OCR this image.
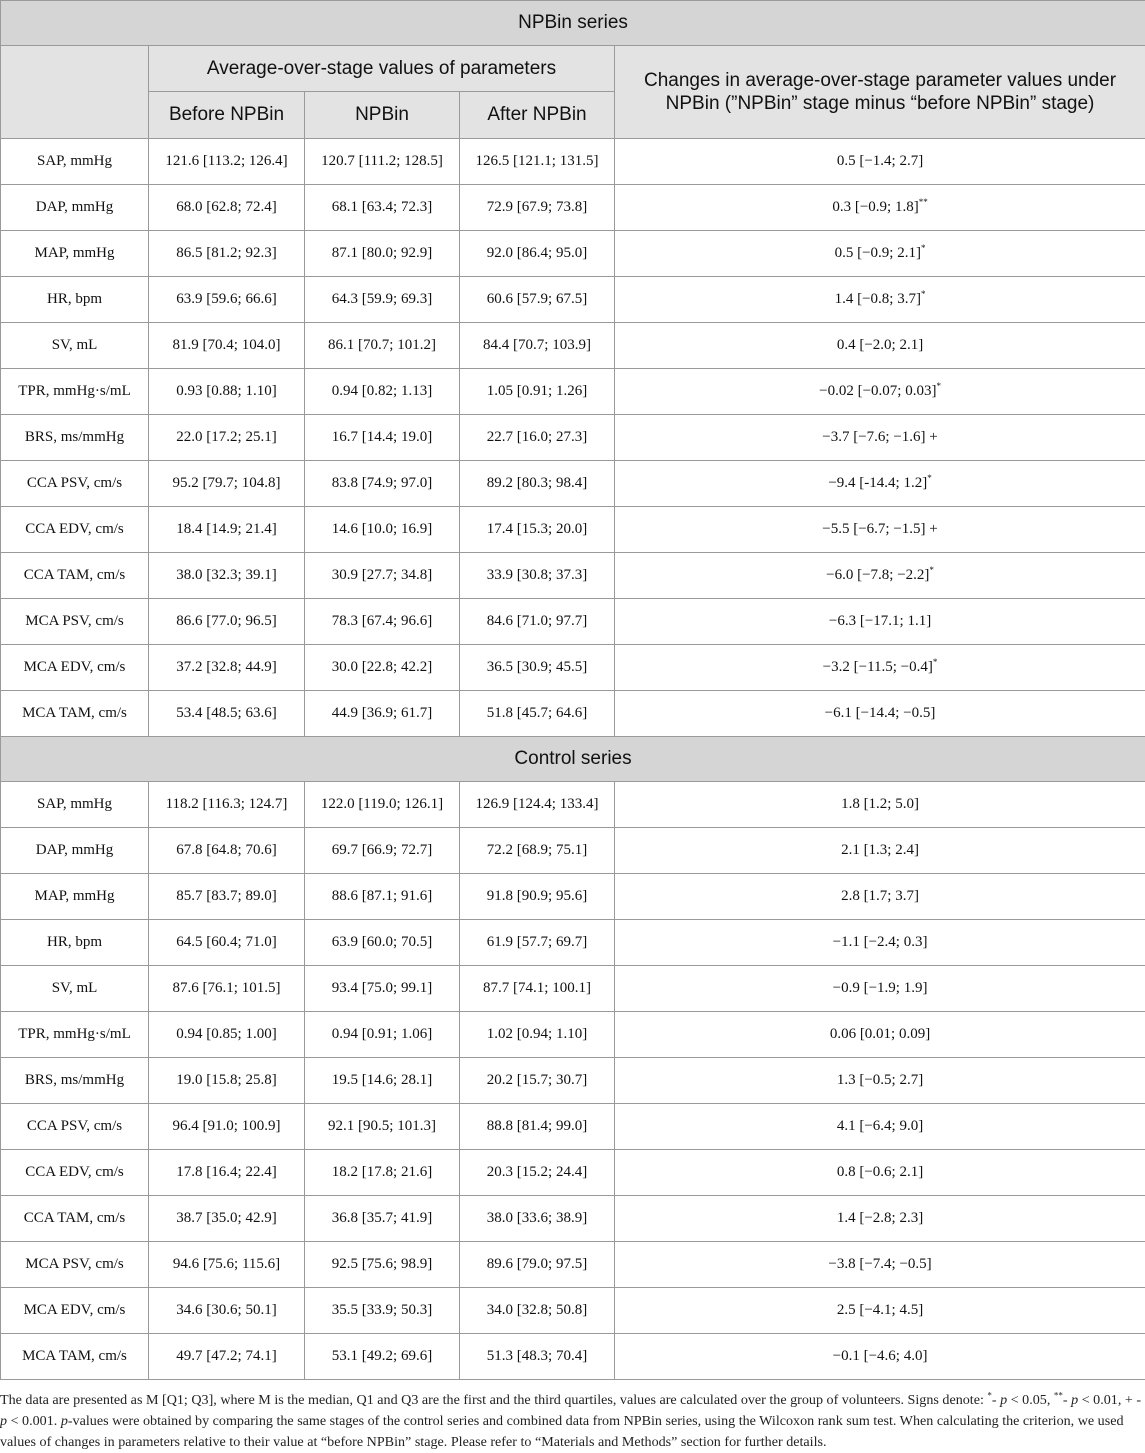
NPBin series				
	Average-over-stage values of parameters			Changes in average-over-stage parameter values under NPBin (”NPBin” stage minus “before NPBin” stage)
	Before NPBin	NPBin	After NPBin	
SAP, mmHg	121.6 [113.2; 126.4]	120.7 [111.2; 128.5]	126.5 [121.1; 131.5]	0.5 [−1.4; 2.7]
DAP, mmHg	68.0 [62.8; 72.4]	68.1 [63.4; 72.3]	72.9 [67.9; 73.8]	0.3 [−0.9; 1.8]**
MAP, mmHg	86.5 [81.2; 92.3]	87.1 [80.0; 92.9]	92.0 [86.4; 95.0]	0.5 [−0.9; 2.1]*
HR, bpm	63.9 [59.6; 66.6]	64.3 [59.9; 69.3]	60.6 [57.9; 67.5]	1.4 [−0.8; 3.7]*
SV, mL	81.9 [70.4; 104.0]	86.1 [70.7; 101.2]	84.4 [70.7; 103.9]	0.4 [−2.0; 2.1]
TPR, mmHg·s/mL	0.93 [0.88; 1.10]	0.94 [0.82; 1.13]	1.05 [0.91; 1.26]	−0.02 [−0.07; 0.03]*
BRS, ms/mmHg	22.0 [17.2; 25.1]	16.7 [14.4; 19.0]	22.7 [16.0; 27.3]	−3.7 [−7.6; −1.6] +
CCA PSV, cm/s	95.2 [79.7; 104.8]	83.8 [74.9; 97.0]	89.2 [80.3; 98.4]	−9.4 [-14.4; 1.2]*
CCA EDV, cm/s	18.4 [14.9; 21.4]	14.6 [10.0; 16.9]	17.4 [15.3; 20.0]	−5.5 [−6.7; −1.5] +
CCA TAM, cm/s	38.0 [32.3; 39.1]	30.9 [27.7; 34.8]	33.9 [30.8; 37.3]	−6.0 [−7.8; −2.2]*
MCA PSV, cm/s	86.6 [77.0; 96.5]	78.3 [67.4; 96.6]	84.6 [71.0; 97.7]	−6.3 [−17.1; 1.1]
MCA EDV, cm/s	37.2 [32.8; 44.9]	30.0 [22.8; 42.2]	36.5 [30.9; 45.5]	−3.2 [−11.5; −0.4]*
MCA TAM, cm/s	53.4 [48.5; 63.6]	44.9 [36.9; 61.7]	51.8 [45.7; 64.6]	−6.1 [−14.4; −0.5]
Control series				
SAP, mmHg	118.2 [116.3; 124.7]	122.0 [119.0; 126.1]	126.9 [124.4; 133.4]	1.8 [1.2; 5.0]
DAP, mmHg	67.8 [64.8; 70.6]	69.7 [66.9; 72.7]	72.2 [68.9; 75.1]	2.1 [1.3; 2.4]
MAP, mmHg	85.7 [83.7; 89.0]	88.6 [87.1; 91.6]	91.8 [90.9; 95.6]	2.8 [1.7; 3.7]
HR, bpm	64.5 [60.4; 71.0]	63.9 [60.0; 70.5]	61.9 [57.7; 69.7]	−1.1 [−2.4; 0.3]
SV, mL	87.6 [76.1; 101.5]	93.4 [75.0; 99.1]	87.7 [74.1; 100.1]	−0.9 [−1.9; 1.9]
TPR, mmHg·s/mL	0.94 [0.85; 1.00]	0.94 [0.91; 1.06]	1.02 [0.94; 1.10]	0.06 [0.01; 0.09]
BRS, ms/mmHg	19.0 [15.8; 25.8]	19.5 [14.6; 28.1]	20.2 [15.7; 30.7]	1.3 [−0.5; 2.7]
CCA PSV, cm/s	96.4 [91.0; 100.9]	92.1 [90.5; 101.3]	88.8 [81.4; 99.0]	4.1 [−6.4; 9.0]
CCA EDV, cm/s	17.8 [16.4; 22.4]	18.2 [17.8; 21.6]	20.3 [15.2; 24.4]	0.8 [−0.6; 2.1]
CCA TAM, cm/s	38.7 [35.0; 42.9]	36.8 [35.7; 41.9]	38.0 [33.6; 38.9]	1.4 [−2.8; 2.3]
MCA PSV, cm/s	94.6 [75.6; 115.6]	92.5 [75.6; 98.9]	89.6 [79.0; 97.5]	−3.8 [−7.4; −0.5]
MCA EDV, cm/s	34.6 [30.6; 50.1]	35.5 [33.9; 50.3]	34.0 [32.8; 50.8]	2.5 [−4.1; 4.5]
MCA TAM, cm/s	49.7 [47.2; 74.1]	53.1 [49.2; 69.6]	51.3 [48.3; 70.4]	−0.1 [−4.6; 4.0]

The data are presented as M [Q1; Q3], where M is the median, Q1 and Q3 are the first and the third quartiles, values are calculated over the group of volunteers. Signs denote: *- p < 0.05, **- p < 0.01, + - p < 0.001. p-values were obtained by comparing the same stages of the control series and combined data from NPBin series, using the Wilcoxon rank sum test. When calculating the criterion, we used values of changes in parameters relative to their value at “before NPBin” stage. Please refer to “Materials and Methods” section for further details.
